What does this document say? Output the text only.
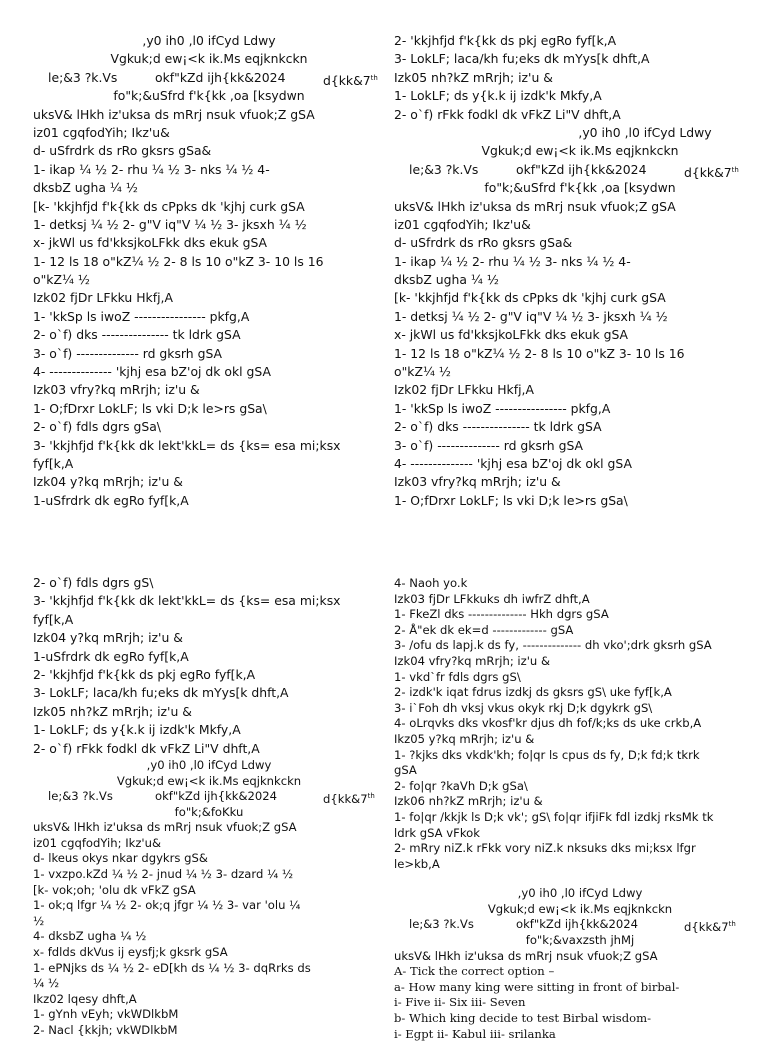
,y0 ih0 ,l0 ifCyd Ldwy
Vgkuk;d ew¡<k ik.Ms eqjknkckn
le;&3 ?k.Vs	okf"kZd ijh{kk&2024	d{kk&7th
fo"k;&uSfrd f'k{kk ,oa [ksydwn
uksV& lHkh iz'uksa ds mRrj nsuk vfuok;Z gSA
iz01 cgqfodYih; Ikz'u&
d- uSfrdrk ds rRo gksrs gSa&
1- ikap ¼ ½ 2- rhu ¼ ½ 3- nks ¼ ½ 4-
dksbZ ugha ¼ ½
[k- 'kkjhfjd f'k{kk ds cPpks dk 'kjhj curk gSA
1- detksj ¼ ½ 2- g"V iq"V ¼ ½ 3- jksxh ¼ ½
x- jkWl us fd'kksjkoLFkk dks ekuk gSA
1- 12 ls 18 o"kZ¼ ½ 2- 8 ls 10 o"kZ 3- 10 ls 16
o"kZ¼ ½
Izk02 fjDr LFkku Hkfj,A
1- 'kkSp ls iwoZ ---------------- pkfg,A
2- o`f) dks --------------- tk ldrk gSA
3- o`f) -------------- rd gksrh gSA
4- -------------- 'kjhj esa bZ'oj dk okl gSA
Izk03 vfry?kq mRrjh; iz'u &
1- O;fDrxr LokLF; ls vki D;k le>rs gSa\
2- o`f) fdls dgrs gSa\
3- 'kkjhfjd f'k{kk dk lekt'kkL= ds {ks= esa mi;ksx
fyf[k,A
Izk04 y?kq mRrjh; iz'u &
1-uSfrdrk dk egRo fyf[k,A
2- 'kkjhfjd f'k{kk ds pkj egRo fyf[k,A
3- LokLF; laca/kh fu;eks dk mYys[k dhft,A
Izk05 nh?kZ mRrjh; iz'u &
1- LokLF; ds y{k.k ij izdk'k Mkfy,A
2- o`f) rFkk fodkl dk vFkZ Li"V dhft,A
,y0 ih0 ,l0 ifCyd Ldwy
Vgkuk;d ew¡<k ik.Ms eqjknkckn
le;&3 ?k.Vs	okf"kZd ijh{kk&2024	d{kk&7th
fo"k;&uSfrd f'k{kk ,oa [ksydwn
uksV& lHkh iz'uksa ds mRrj nsuk vfuok;Z gSA
iz01 cgqfodYih; Ikz'u&
d- uSfrdrk ds rRo gksrs gSa&
1- ikap ¼ ½ 2- rhu ¼ ½ 3- nks ¼ ½ 4-
dksbZ ugha ¼ ½
[k- 'kkjhfjd f'k{kk ds cPpks dk 'kjhj curk gSA
1- detksj ¼ ½ 2- g"V iq"V ¼ ½ 3- jksxh ¼ ½
x- jkWl us fd'kksjkoLFkk dks ekuk gSA
1- 12 ls 18 o"kZ¼ ½ 2- 8 ls 10 o"kZ 3- 10 ls 16
o"kZ¼ ½
Izk02 fjDr LFkku Hkfj,A
1- 'kkSp ls iwoZ ---------------- pkfg,A
2- o`f) dks --------------- tk ldrk gSA
3- o`f) -------------- rd gksrh gSA
4- -------------- 'kjhj esa bZ'oj dk okl gSA
Izk03 vfry?kq mRrjh; iz'u &
1- O;fDrxr LokLF; ls vki D;k le>rs gSa\
2- o`f) fdls dgrs gS\
3- 'kkjhfjd f'k{kk dk lekt'kkL= ds {ks= esa mi;ksx
fyf[k,A
Izk04 y?kq mRrjh; iz'u &
1-uSfrdrk dk egRo fyf[k,A
2- 'kkjhfjd f'k{kk ds pkj egRo fyf[k,A
3- LokLF; laca/kh fu;eks dk mYys[k dhft,A
Izk05 nh?kZ mRrjh; iz'u &
1- LokLF; ds y{k.k ij izdk'k Mkfy,A
2- o`f) rFkk fodkl dk vFkZ Li"V dhft,A
,y0 ih0 ,l0 ifCyd Ldwy
Vgkuk;d ew¡<k ik.Ms eqjknkckn
le;&3 ?k.Vs	okf"kZd ijh{kk&2024	d{kk&7th
fo"k;&foKku
uksV& lHkh iz'uksa ds mRrj nsuk vfuok;Z gSA
iz01 cgqfodYih; Ikz'u&
d- lkeus okys nkar dgykrs gS&
1- vxzpo.kZd ¼ ½ 2- jnud ¼ ½ 3- dzard ¼ ½
[k- vok;oh; 'olu dk vFkZ gSA
1- ok;q lfgr ¼ ½ 2- ok;q jfgr ¼ ½ 3- var 'olu ¼
½
4- dksbZ ugha ¼ ½
x- fdlds dkVus ij eysfj;k gksrk gSA
1- ePNjks ds ¼ ½ 2- eD[kh ds ¼ ½ 3- dqRrks ds
¼ ½
Ikz02 lqesy dhft,A
1- gYnh vEyh; vkWDlkbM
2- Nacl {kkjh; vkWDlkbM
4- Naoh yo.k
Izk03 fjDr LFkkuks dh iwfrZ dhft,A
1- FkeZl dks -------------- Hkh dgrs gSA
2- Å"ek dk ek=d ------------- gSA
3- /ofu ds lapj.k ds fy, -------------- dh vko';drk gksrh gSA
Izk04 vfry?kq mRrjh; iz'u &
1- vkd`fr fdls dgrs gS\
2- izdk'k iqat fdrus izdkj ds gksrs gS\ uke fyf[k,A
3- i`Foh dh vksj vkus okyk rkj D;k dgykrk gS\
4- oLrqvks dks vkosf'kr djus dh fof/k;ks ds uke crkb,A
Ikz05 y?kq mRrjh; iz'u &
1- ?kjks dks vkdk'kh; fo|qr ls cpus ds fy, D;k fd;k tkrk
gSA
2- fo|qr ?kaVh D;k gSa\
Izk06 nh?kZ mRrjh; iz'u &
1- fo|qr /kkjk ls D;k vk'; gS\ fo|qr ifjiFk fdl izdkj rksMk tk
ldrk gSA vFkok
2- mRry niZ.k rFkk vory niZ.k nksuks dks mi;ksx lfgr
le>kb,A
,y0 ih0 ,l0 ifCyd Ldwy
Vgkuk;d ew¡<k ik.Ms eqjknkckn
le;&3 ?k.Vs	okf"kZd ijh{kk&2024	d{kk&7th
fo"k;&vaxzsth jhMj
uksV& lHkh iz'uksa ds mRrj nsuk vfuok;Z gSA
A- Tick the correct option –
a- How many king were sitting in front of birbal-
i- Five ii- Six iii- Seven
b- Which king decide to test Birbal wisdom-
i- Egpt ii- Kabul iii- srilanka
